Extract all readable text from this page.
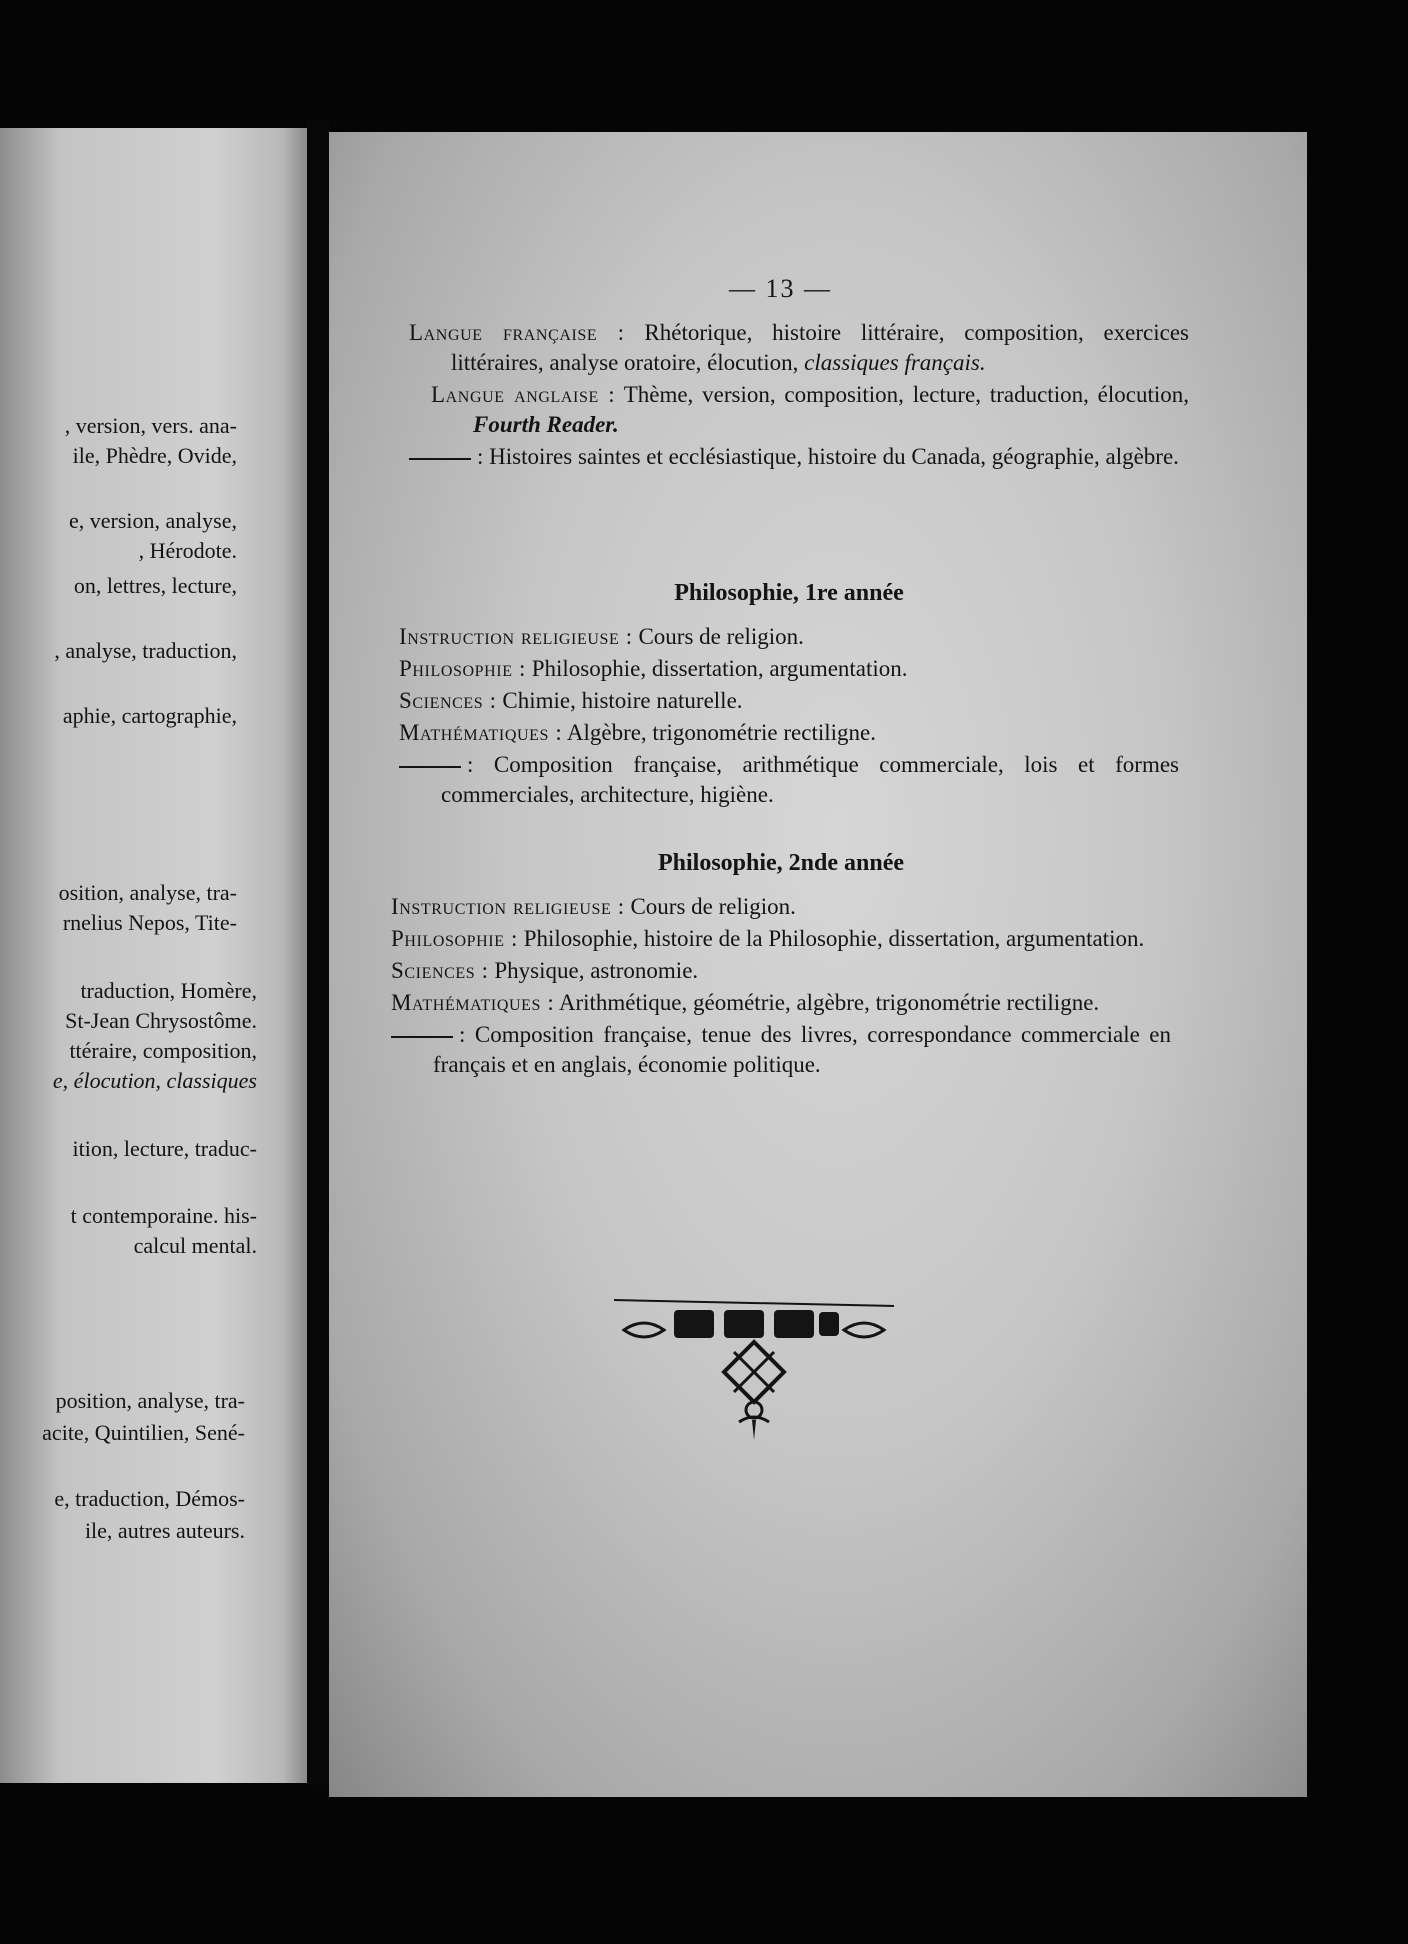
, version, vers. ana-
ile, Phèdre, Ovide,
e, version, analyse,
, Hérodote.
on, lettres, lecture,
, analyse, traduction,
aphie, cartographie,
osition, analyse, tra-
rnelius Nepos, Tite-
traduction, Homère,
St-Jean Chrysostôme.
ttéraire, composition,
e, élocution, classiques
ition, lecture, traduc-
t contemporaine. his-
calcul mental.
position, analyse, tra-
acite, Quintilien, Sené-
e, traduction, Démos-
ile, autres auteurs.
— 13 —

Langue française : Rhétorique, histoire littéraire, composition, exercices littéraires, analyse oratoire, élocution, classiques français.

Langue anglaise : Thème, version, composition, lecture, traduction, élocution, Fourth Reader.

: Histoires saintes et ecclésiastique, histoire du Canada, géographie, algèbre.

Philosophie, 1re année

Instruction religieuse : Cours de religion.

Philosophie : Philosophie, dissertation, argumentation.

Sciences : Chimie, histoire naturelle.

Mathématiques : Algèbre, trigonométrie rectiligne.

: Composition française, arithmétique commerciale, lois et formes commerciales, architecture, higiène.

Philosophie, 2nde année

Instruction religieuse : Cours de religion.

Philosophie : Philosophie, histoire de la Philosophie, dissertation, argumentation.

Sciences : Physique, astronomie.

Mathématiques : Arithmétique, géométrie, algèbre, trigonométrie rectiligne.

: Composition française, tenue des livres, correspondance commerciale en français et en anglais, économie politique.
